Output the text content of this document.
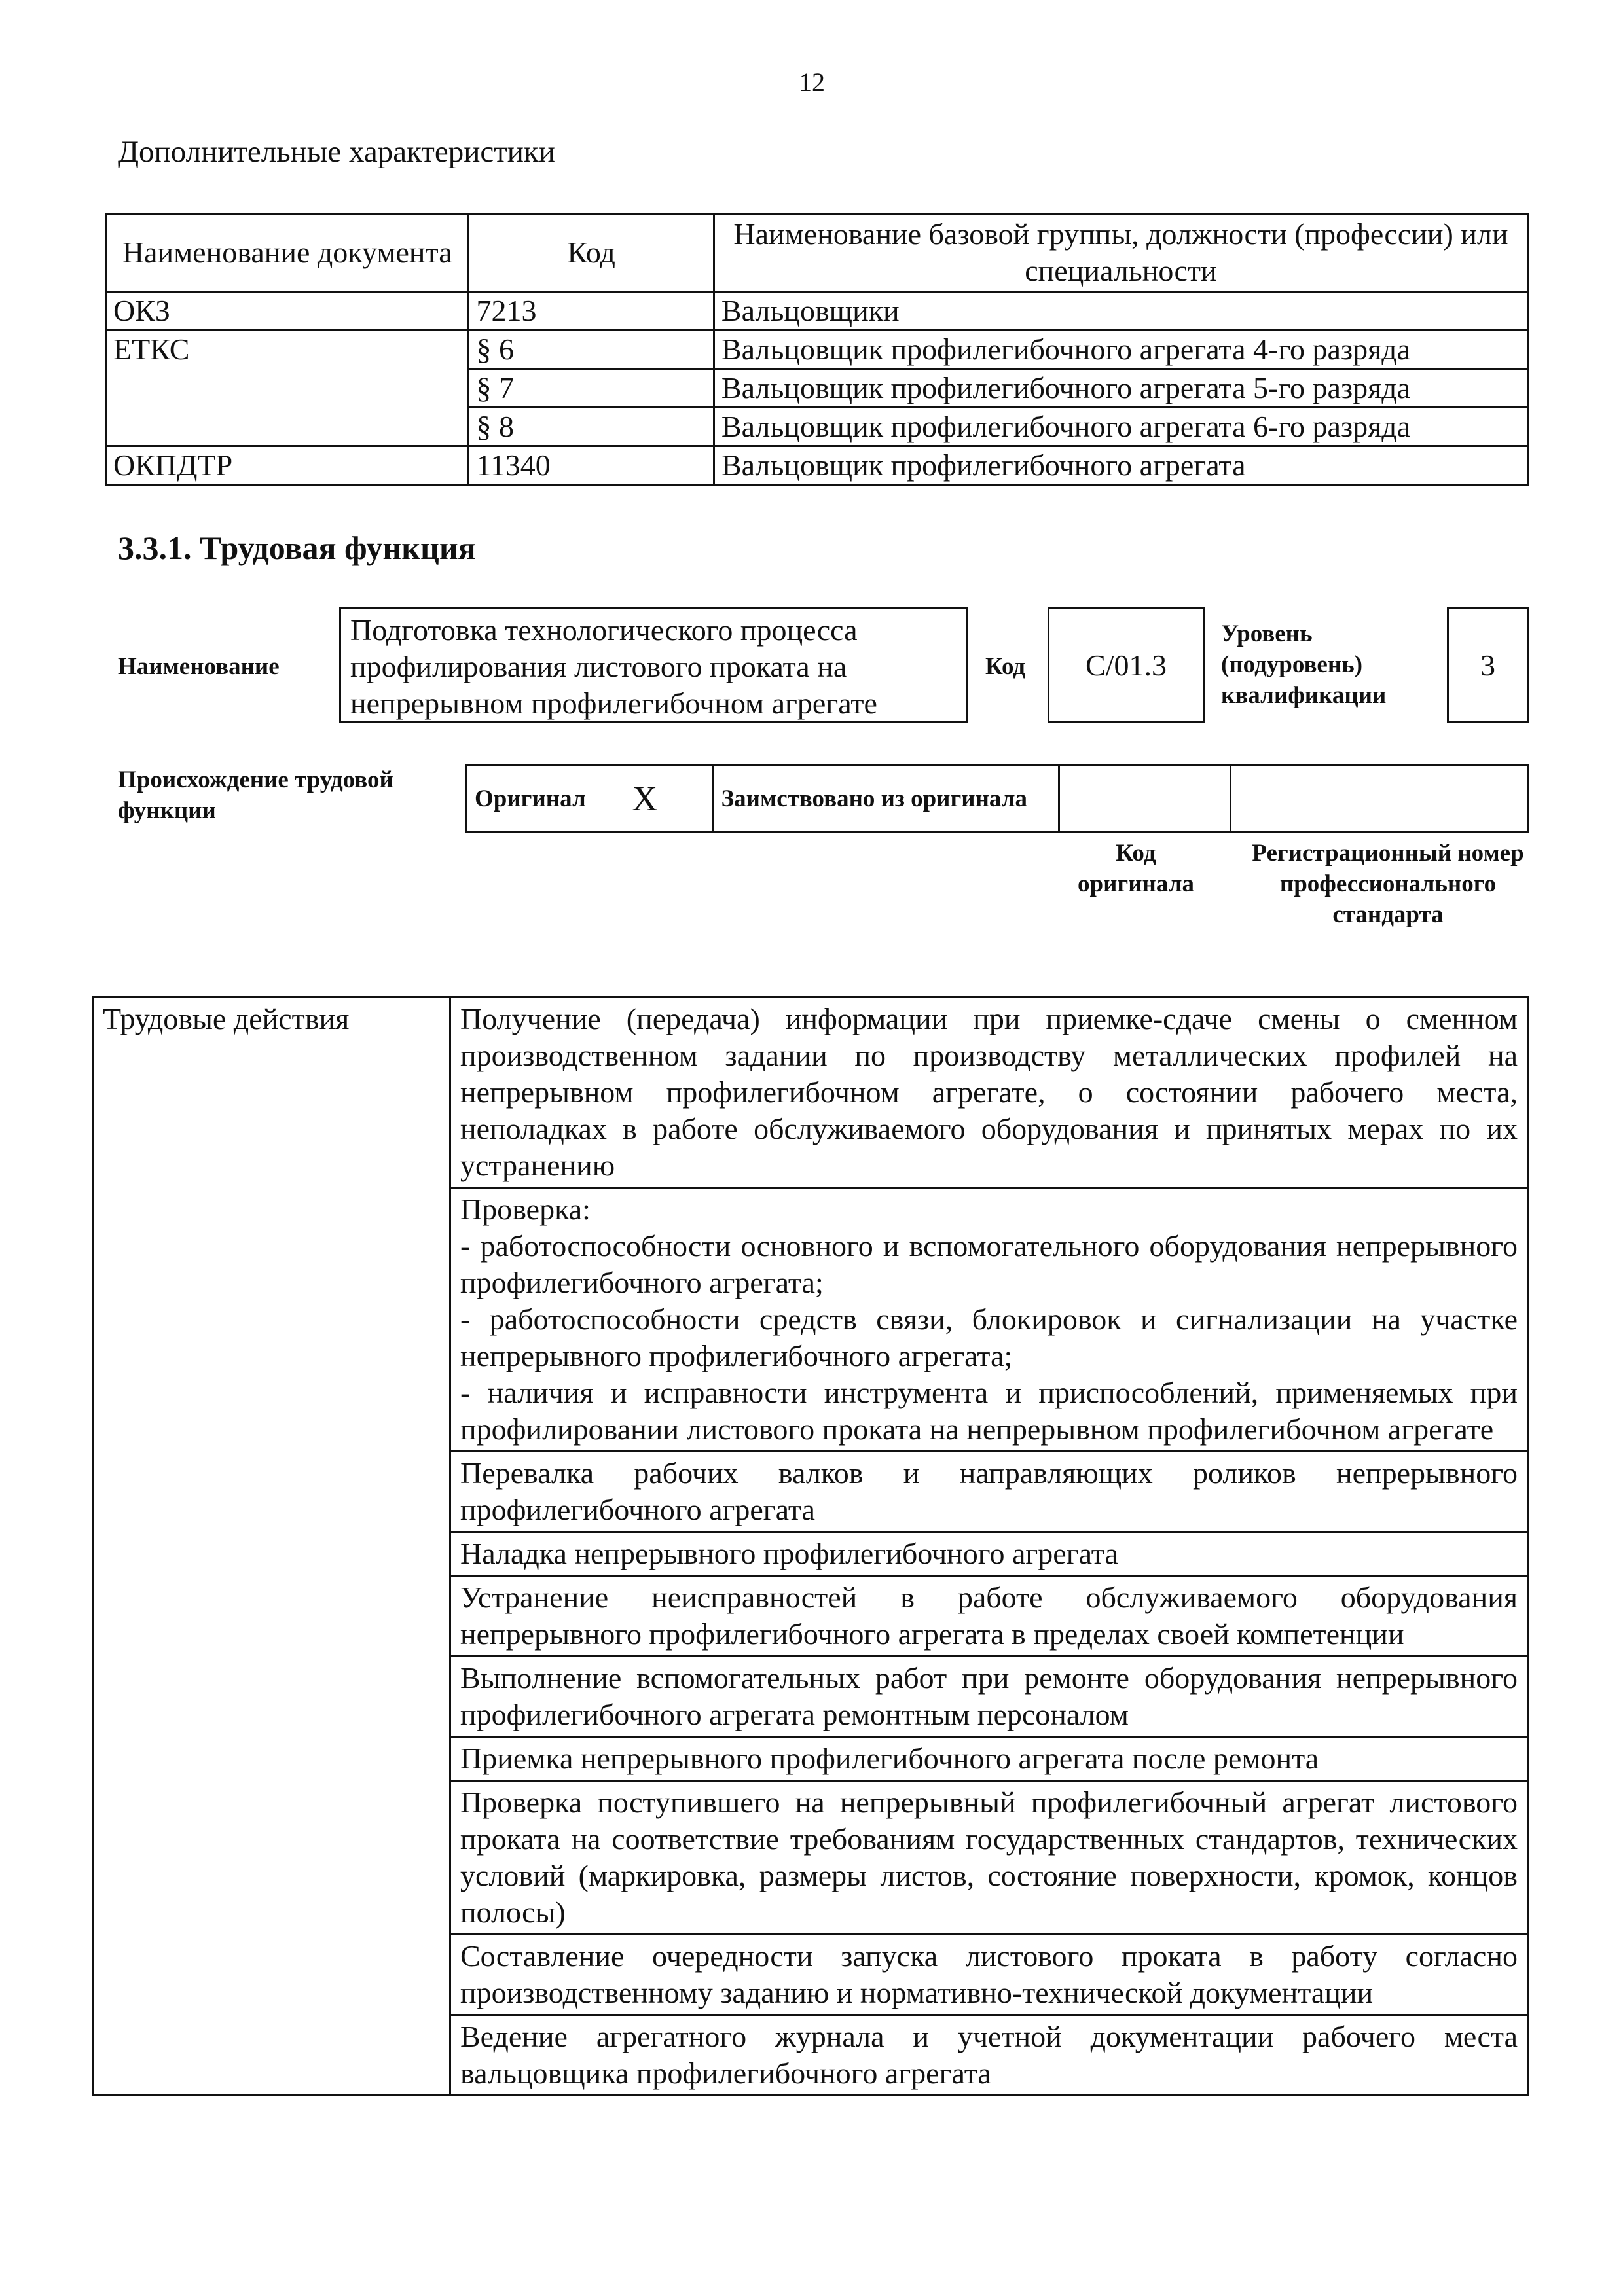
12
Дополнительные характеристики
Наименование документа	Код	Наименование базовой группы, должности (профессии) или специальности
ОКЗ	7213	Вальцовщики
ЕТКС	§ 6	Вальцовщик профилегибочного агрегата 4-го разряда
	§ 7	Вальцовщик профилегибочного агрегата 5-го разряда
	§ 8	Вальцовщик профилегибочного агрегата 6-го разряда
ОКПДТР	11340	Вальцовщик профилегибочного агрегата
3.3.1. Трудовая функция
Наименование
Подготовка технологического процесса профилирования листового проката на непрерывном профилегибочном агрегате
Код	С/01.3
Уровень (подуровень) квалификации
3
Происхождение трудовой функции	Оригинал	X	Заимствовано из оригинала		
Код оригинала
Регистрационный номер профессионального стандарта
Трудовые действия	Получение (передача) информации при приемке-сдаче смены о сменном производственном задании по производству металлических профилей на непрерывном профилегибочном агрегате, о состоянии рабочего места, неполадках в работе обслуживаемого оборудования и принятых мерах по их устранению

Проверка:
- работоспособности основного и вспомогательного оборудования непрерывного профилегибочного агрегата;
- работоспособности средств связи, блокировок и сигнализации на участке непрерывного профилегибочного агрегата;
- наличия и исправности инструмента и приспособлений, применяемых при профилировании листового проката на непрерывном профилегибочном агрегате

Перевалка рабочих валков и направляющих роликов непрерывного профилегибочного агрегата
Наладка непрерывного профилегибочного агрегата
Устранение неисправностей в работе обслуживаемого оборудования непрерывного профилегибочного агрегата в пределах своей компетенции
Выполнение вспомогательных работ при ремонте оборудования непрерывного профилегибочного агрегата ремонтным персоналом
Приемка непрерывного профилегибочного агрегата после ремонта
Проверка поступившего на непрерывный профилегибочный агрегат листового проката на соответствие требованиям государственных стандартов, технических условий (маркировка, размеры листов, состояние поверхности, кромок, концов полосы)
Составление очередности запуска листового проката в работу согласно производственному заданию и нормативно-технической документации
Ведение агрегатного журнала и учетной документации рабочего места вальцовщика профилегибочного агрегата
